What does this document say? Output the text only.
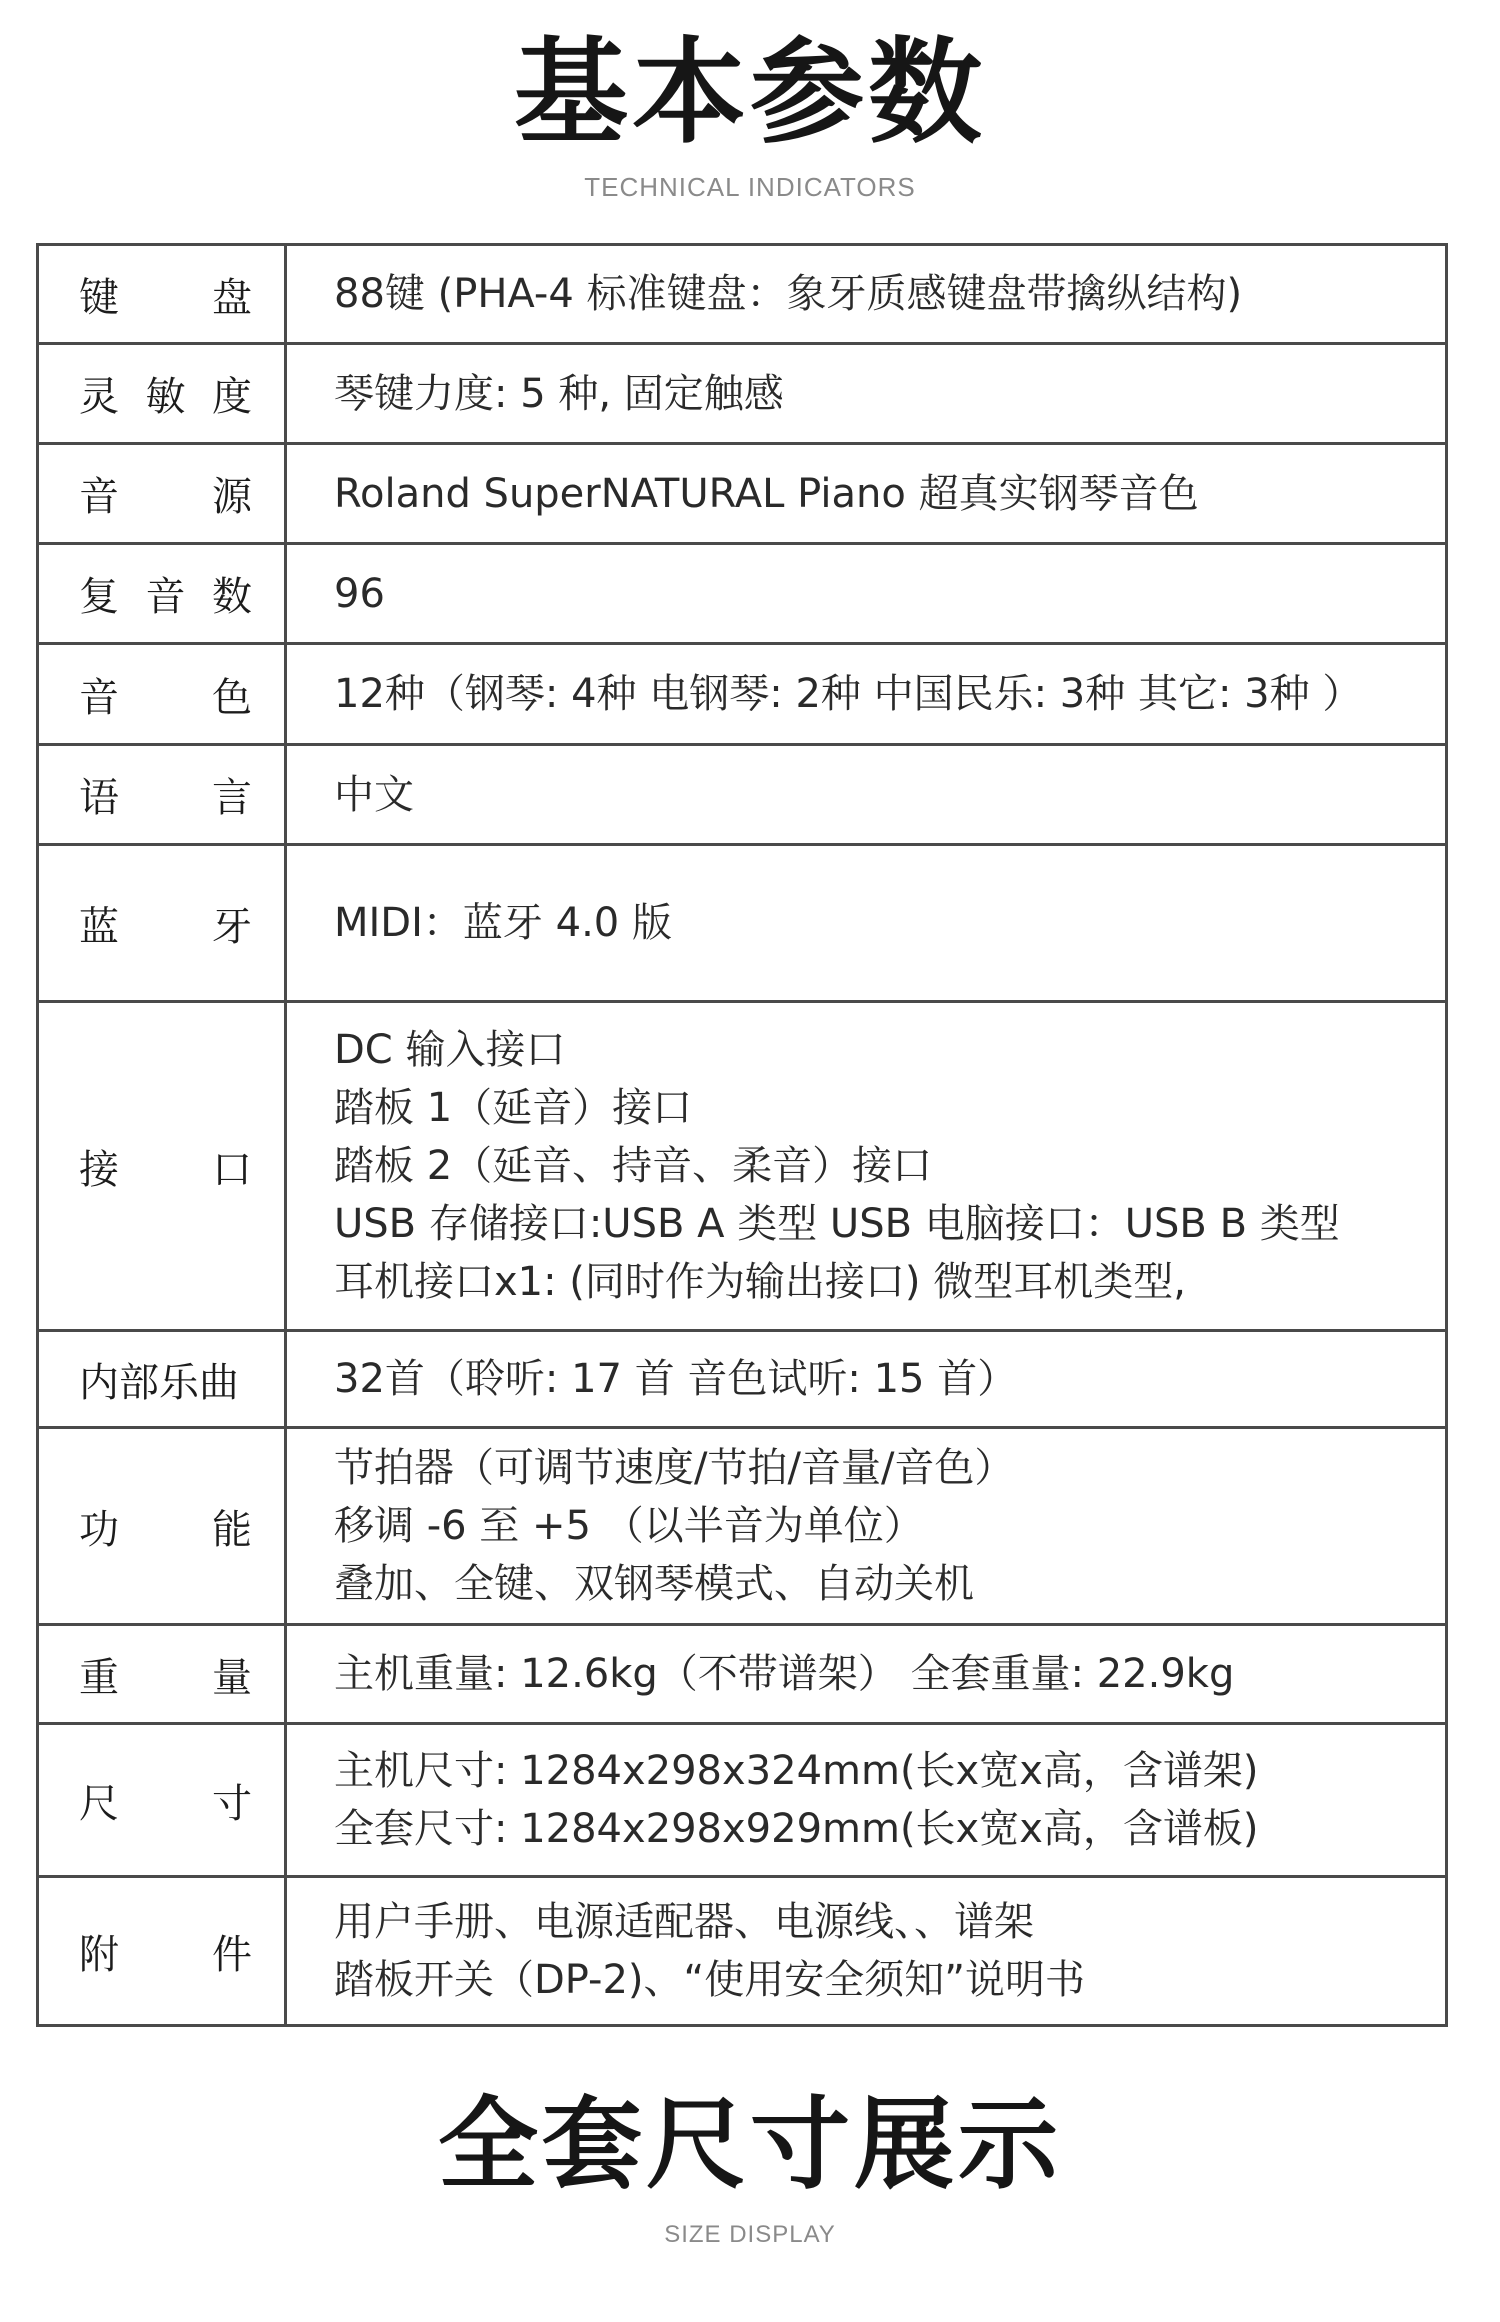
基本参数
TECHNICAL INDICATORS
键 盘	88键 (PHA-4 标准键盘：象牙质感键盘带擒纵结构)

灵 敏 度	琴键力度: 5 种, 固定触感

音 源	Roland SuperNATURAL Piano 超真实钢琴音色

复 音 数	96

音 色	12种（钢琴: 4种 电钢琴: 2种 中国民乐: 3种 其它: 3种 ）

语 言	中文

蓝 牙	MIDI：蓝牙 4.0 版

接 口	DC 输入接口
踏板 1（延音）接口
踏板 2（延音、持音、柔音）接口
USB 存储接口:USB A 类型 USB 电脑接口：USB B 类型
耳机接口x1: (同时作为输出接口) 微型耳机类型,

内部乐曲	32首（聆听: 17 首 音色试听: 15 首）

功 能	节拍器（可调节速度/节拍/音量/音色）
移调 -6 至 +5 （以半音为单位）
叠加、全键、双钢琴模式、自动关机

重 量	主机重量: 12.6kg（不带谱架） 全套重量: 22.9kg

尺 寸	主机尺寸: 1284x298x324mm(长x宽x高，含谱架)
全套尺寸: 1284x298x929mm(长x宽x高，含谱板)

附 件	用户手册、电源适配器、电源线、、谱架
踏板开关（DP-2)、“使用安全须知”说明书
全套尺寸展示
SIZE DISPLAY
